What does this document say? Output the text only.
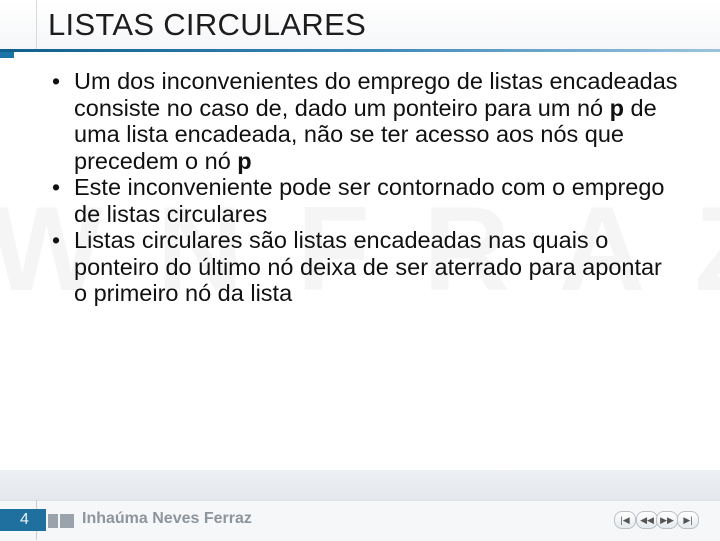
LISTAS CIRCULARES
• Um dos inconvenientes do emprego de listas encadeadas consiste no caso de, dado um ponteiro para um nó p de uma lista encadeada, não se ter acesso aos nós que precedem o nó p
• Este inconveniente pode ser contornado com o emprego de listas circulares
• Listas circulares são listas encadeadas nas quais o ponteiro do último nó deixa de ser aterrado para apontar o primeiro nó da lista
4	Inhaúma Neves Ferraz	|◀	◀◀ ▶▶	▶|
